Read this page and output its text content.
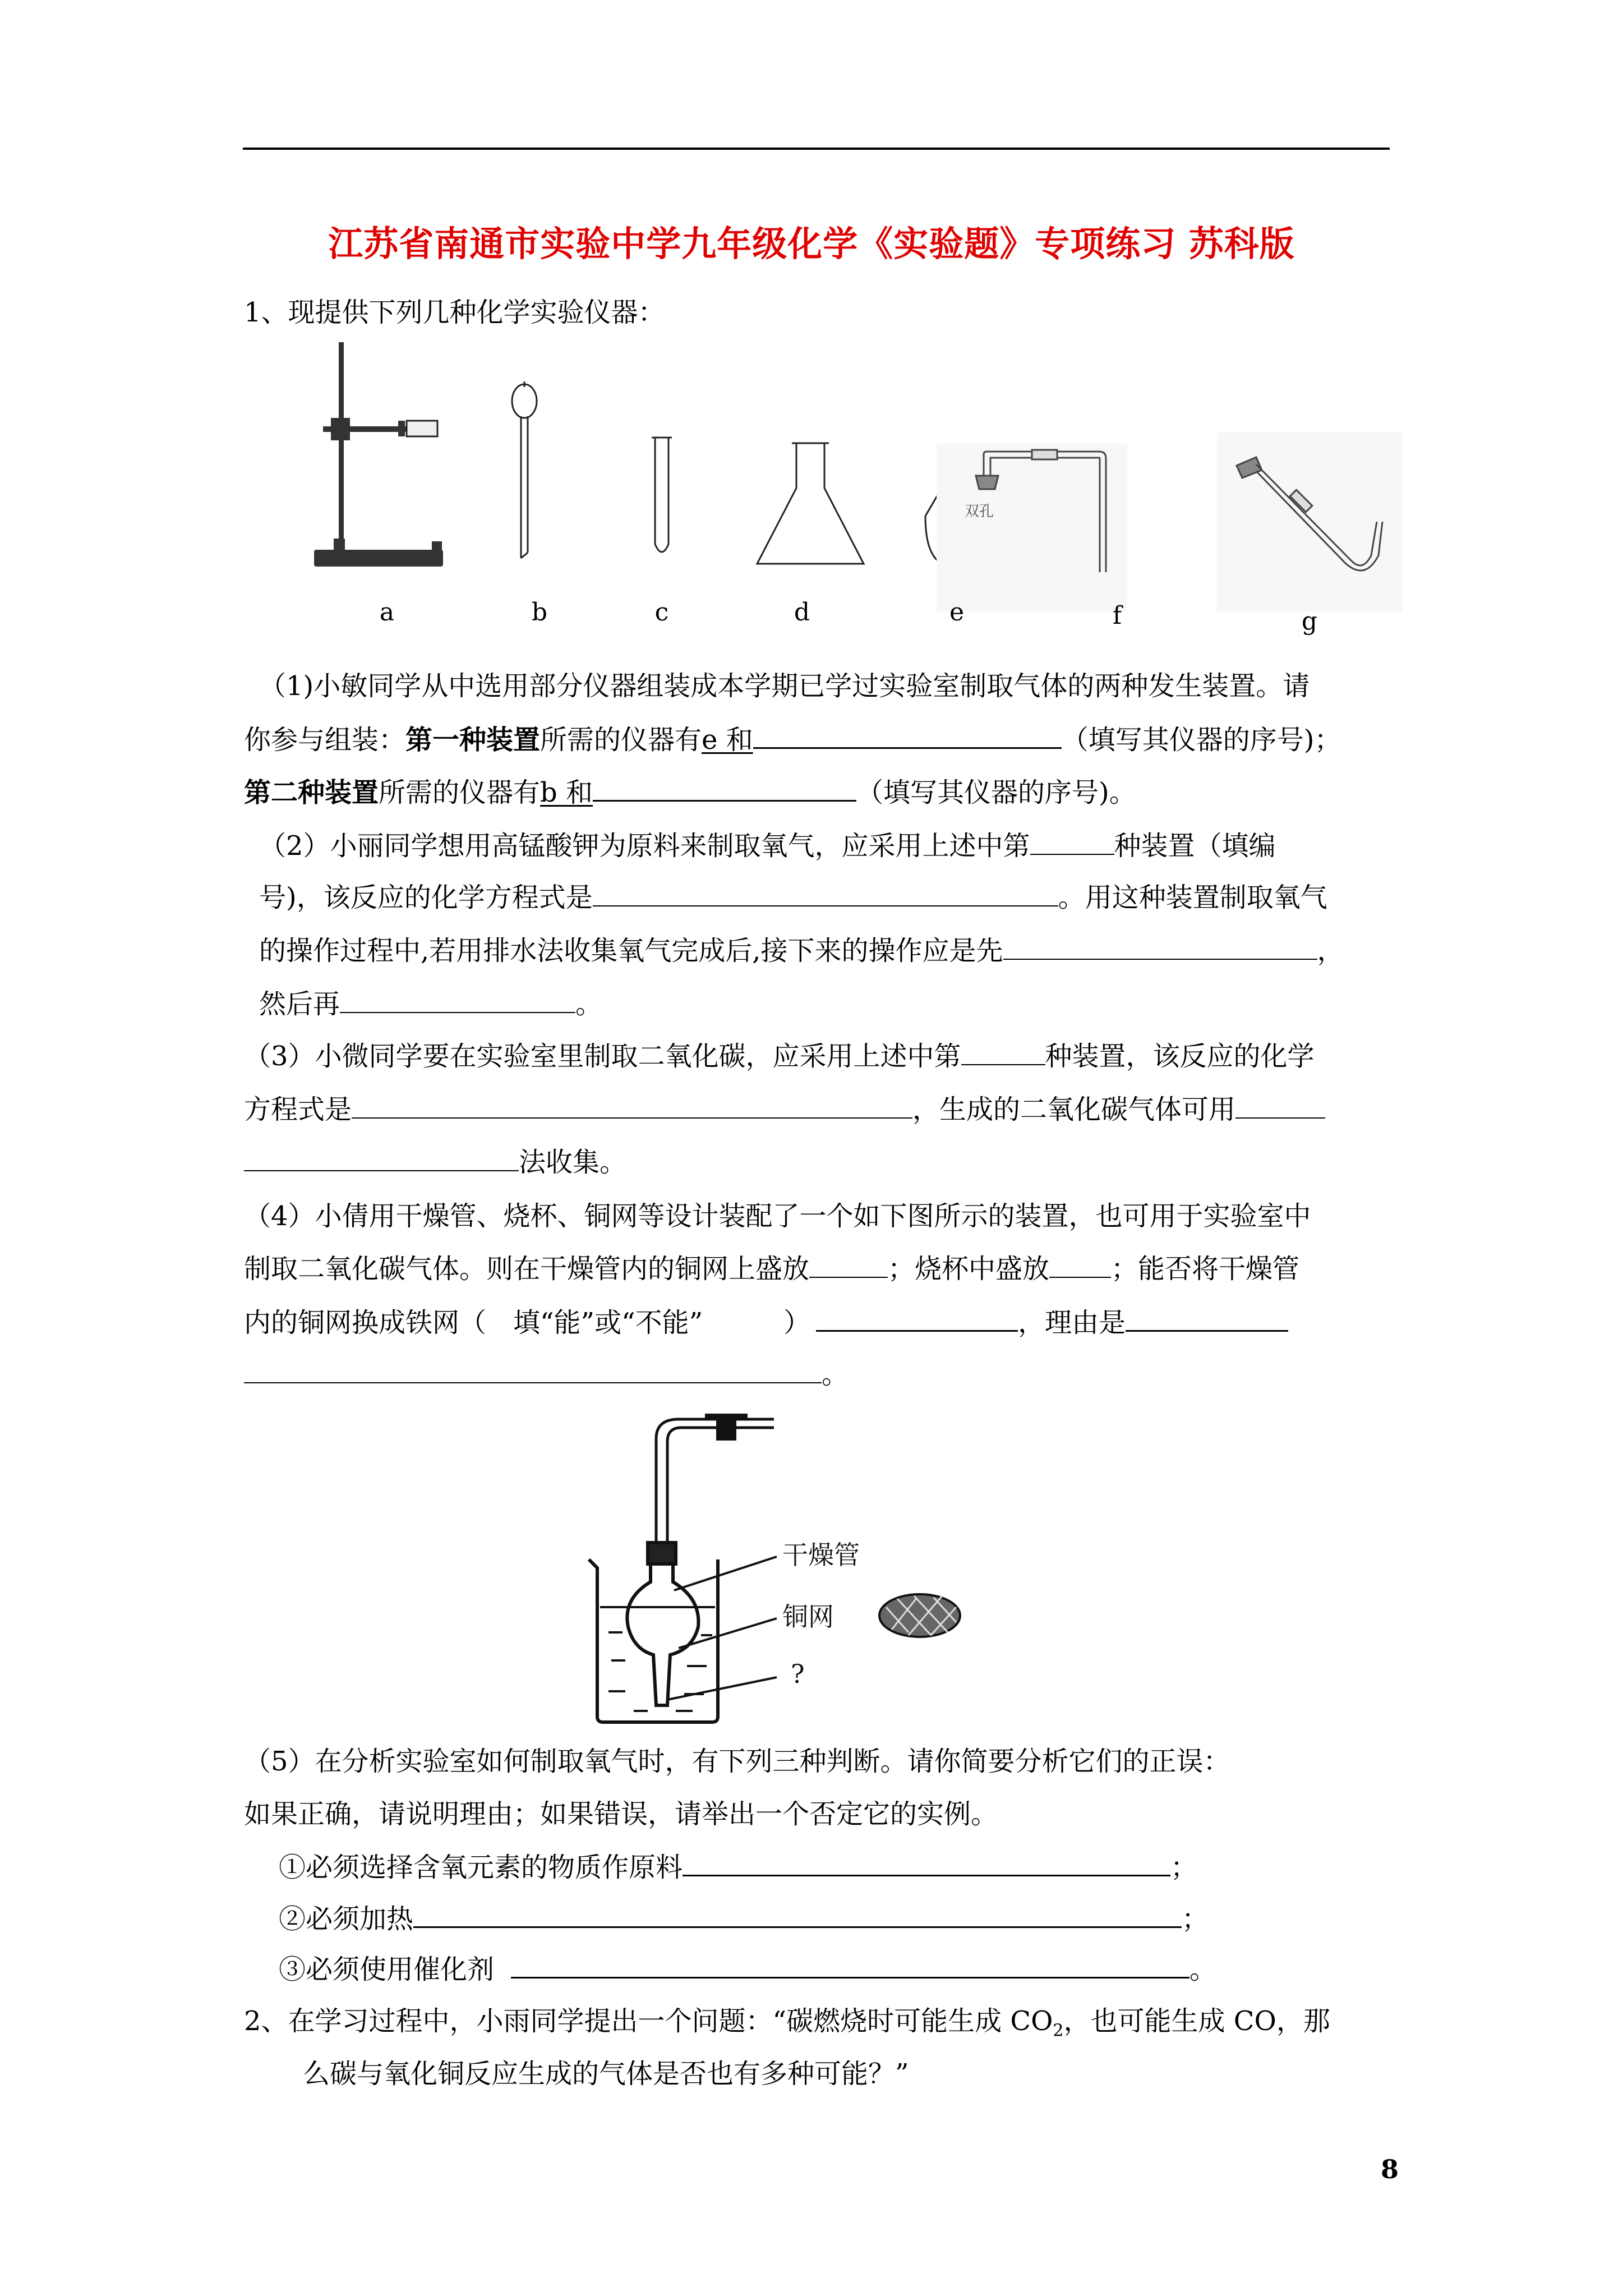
江苏省南通市实验中学九年级化学《实验题》专项练习 苏科版
1、现提供下列几种化学实验仪器：
双孔
a	b	c	d	e	f	g
（1)小敏同学从中选用部分仪器组装成本学期已学过实验室制取气体的两种发生装置。请
你参与组装：第一种装置所需的仪器有e 和	（填写其仪器的序号)；
第二种装置所需的仪器有b 和	（填写其仪器的序号)。
（2）小丽同学想用高锰酸钾为原料来制取氧气，应采用上述中第	种装置（填编
号)，该反应的化学方程式是	。用这种装置制取氧气
的操作过程中,若用排水法收集氧气完成后,接下来的操作应是先	，
然后再	。
（3）小微同学要在实验室里制取二氧化碳，应采用上述中第	种装置，该反应的化学
方程式是	，生成的二氧化碳气体可用
法收集。
（4）小倩用干燥管、烧杯、铜网等设计装配了一个如下图所示的装置，也可用于实验室中
制取二氧化碳气体。则在干燥管内的铜网上盛放	；烧杯中盛放 ；能否将干燥管
内的铜网换成铁网（　填“能”或“不能”　　　）	，理由是
。
干燥管
铜网
?
（5）在分析实验室如何制取氧气时，有下列三种判断。请你简要分析它们的正误：
如果正确，请说明理由；如果错误，请举出一个否定它的实例。
①必须选择含氧元素的物质作原料	；
②必须加热	；
③必须使用催化剂	。
2、在学习过程中，小雨同学提出一个问题：“碳燃烧时可能生成 $CO_2$，也可能生成 CO，那
么碳与氧化铜反应生成的气体是否也有多种可能？”
8
